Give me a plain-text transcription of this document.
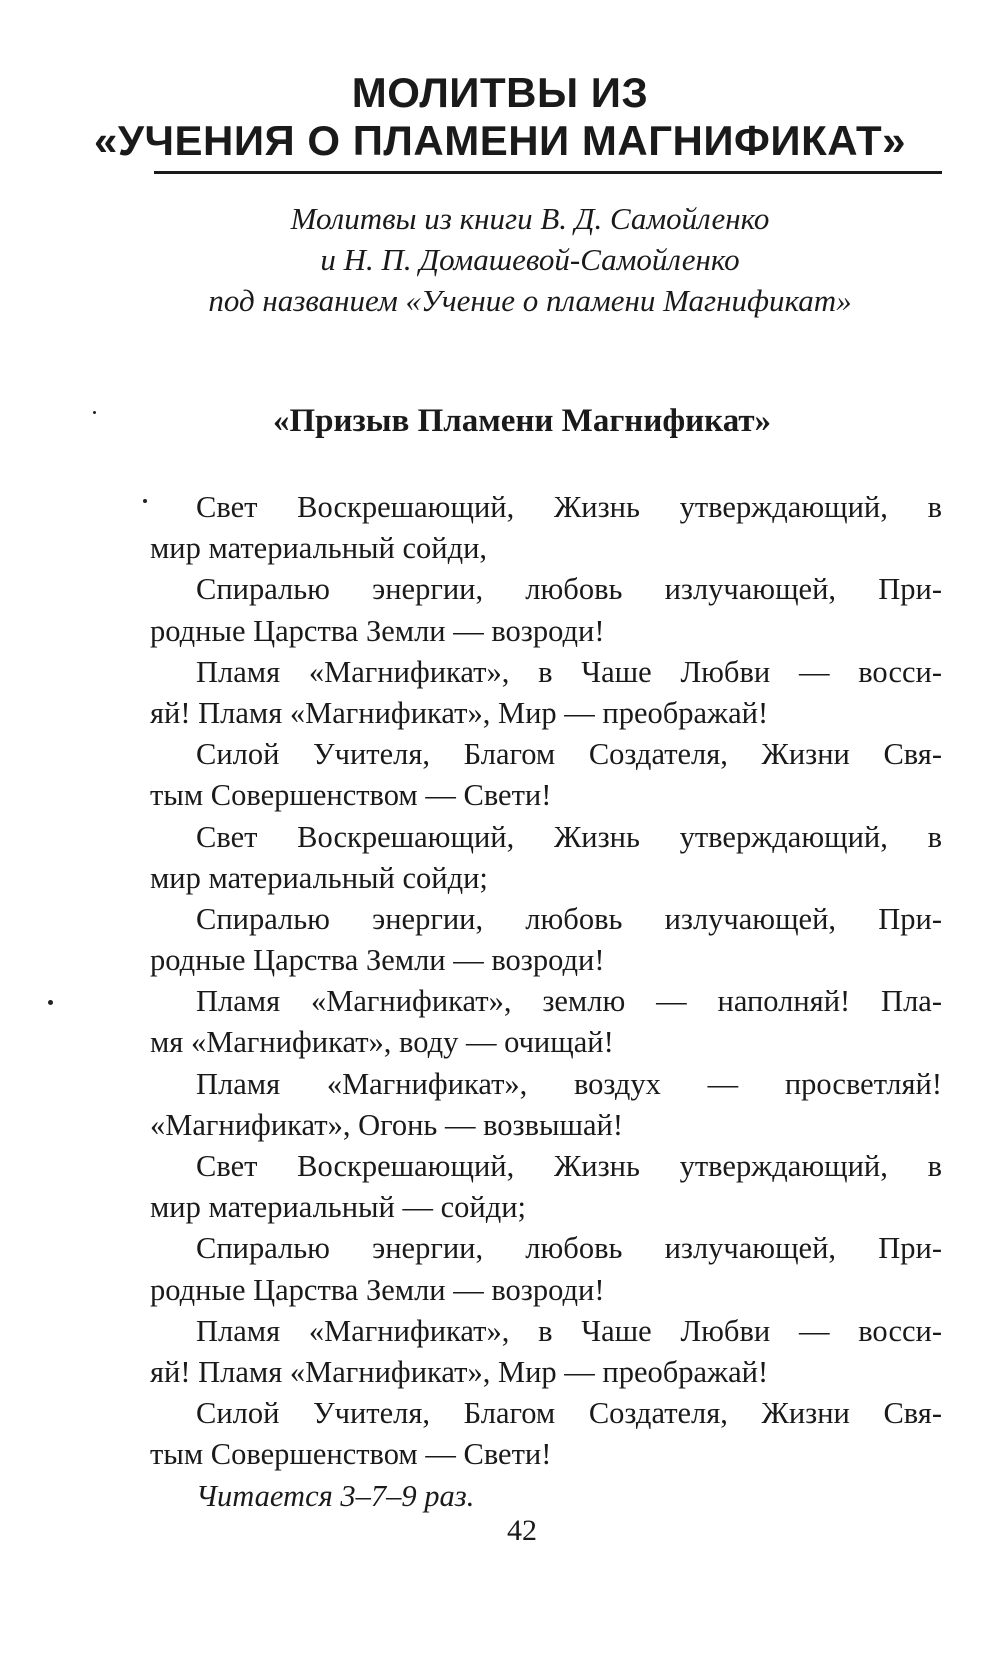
МОЛИТВЫ ИЗ
«УЧЕНИЯ О ПЛАМЕНИ МАГНИФИКАТ»
Молитвы из книги В. Д. Самойленко
и Н. П. Домашевой-Самойленко
под названием «Учение о пламени Магнификат»
«Призыв Пламени Магнификат»
Свет Воскрешающий, Жизнь утверждающий, в
мир материальный сойди,
Спиралью энергии, любовь излучающей, При-
родные Царства Земли — возроди!
Пламя «Магнификат», в Чаше Любви — восси-
яй! Пламя «Магнификат», Мир — преображай!
Силой Учителя, Благом Создателя, Жизни Свя-
тым Совершенством — Свети!
Свет Воскрешающий, Жизнь утверждающий, в
мир материальный сойди;
Спиралью энергии, любовь излучающей, При-
родные Царства Земли — возроди!
Пламя «Магнификат», землю — наполняй! Пла-
мя «Магнификат», воду — очищай!
Пламя «Магнификат», воздух — просветляй!
«Магнификат», Огонь — возвышай!
Свет Воскрешающий, Жизнь утверждающий, в
мир материальный — сойди;
Спиралью энергии, любовь излучающей, При-
родные Царства Земли — возроди!
Пламя «Магнификат», в Чаше Любви — восси-
яй! Пламя «Магнификат», Мир — преображай!
Силой Учителя, Благом Создателя, Жизни Свя-
тым Совершенством — Свети!
Читается 3–7–9 раз.
42
